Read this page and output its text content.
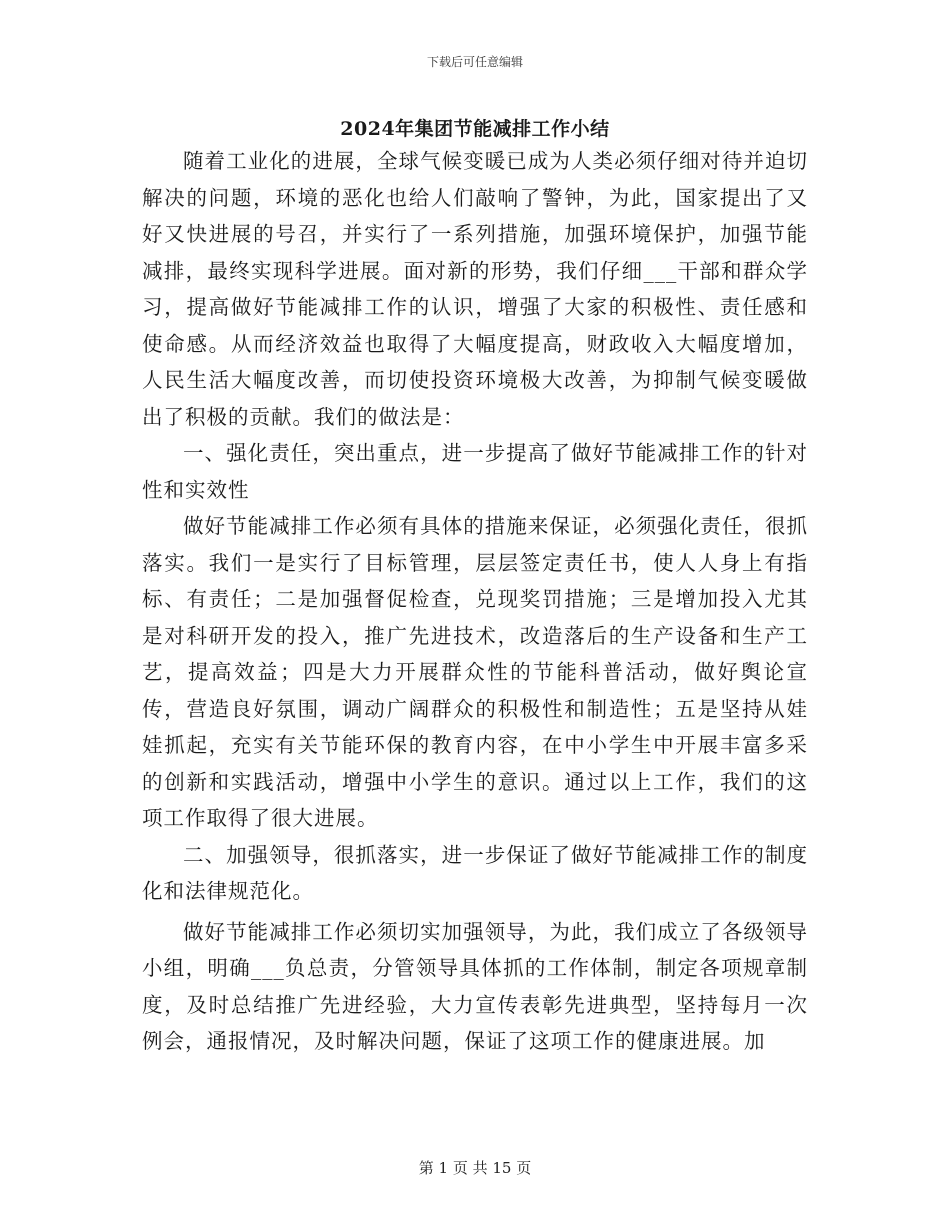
下载后可任意编辑
2024年集团节能减排工作小结

随着工业化的进展，全球气候变暖已成为人类必须仔细对待并迫切解决的问题，环境的恶化也给人们敲响了警钟，为此，国家提出了又好又快进展的号召，并实行了一系列措施，加强环境保护，加强节能减排，最终实现科学进展。面对新的形势，我们仔细___干部和群众学习，提高做好节能减排工作的认识，增强了大家的积极性、责任感和使命感。从而经济效益也取得了大幅度提高，财政收入大幅度增加，人民生活大幅度改善，而切使投资环境极大改善，为抑制气候变暖做出了积极的贡献。我们的做法是：

一、强化责任，突出重点，进一步提高了做好节能减排工作的针对性和实效性

做好节能减排工作必须有具体的措施来保证，必须强化责任，很抓落实。我们一是实行了目标管理，层层签定责任书，使人人身上有指标、有责任；二是加强督促检查，兑现奖罚措施；三是增加投入尤其是对科研开发的投入，推广先进技术，改造落后的生产设备和生产工艺，提高效益；四是大力开展群众性的节能科普活动，做好舆论宣传，营造良好氛围，调动广阔群众的积极性和制造性；五是坚持从娃娃抓起，充实有关节能环保的教育内容，在中小学生中开展丰富多采的创新和实践活动，增强中小学生的意识。通过以上工作，我们的这项工作取得了很大进展。

二、加强领导，很抓落实，进一步保证了做好节能减排工作的制度化和法律规范化。

做好节能减排工作必须切实加强领导，为此，我们成立了各级领导小组，明确___负总责，分管领导具体抓的工作体制，制定各项规章制度，及时总结推广先进经验，大力宣传表彰先进典型，坚持每月一次例会，通报情况，及时解决问题，保证了这项工作的健康进展。加

第 1 页 共 15 页
